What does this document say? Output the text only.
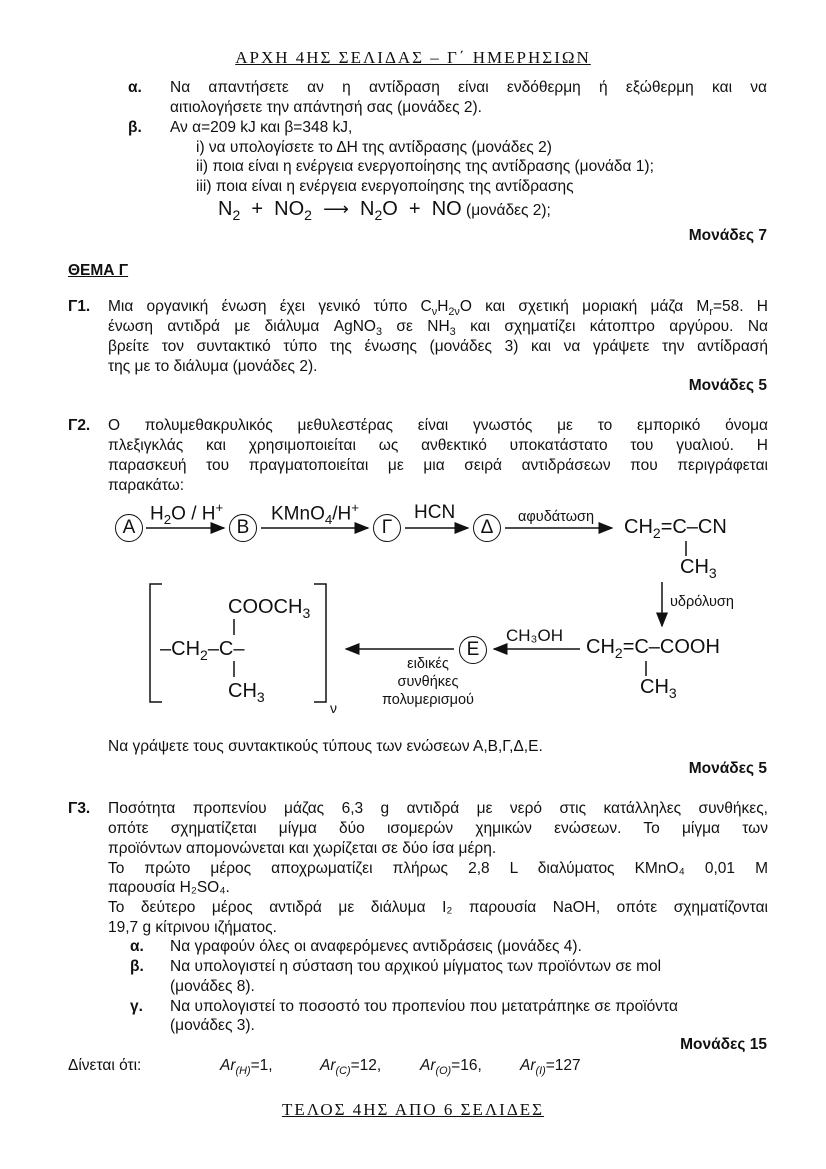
ΑΡΧΗ 4ΗΣ ΣΕΛΙΔΑΣ – Γ΄ ΗΜΕΡΗΣΙΩΝ
α. Να απαντήσετε αν η αντίδραση είναι ενδόθερμη ή εξώθερμη και να
αιτιολογήσετε την απάντησή σας (μονάδες 2).
β. Αν α=209 kJ και β=348 kJ,
i) να υπολογίσετε το ΔΗ της αντίδρασης (μονάδες 2)
ii) ποια είναι η ενέργεια ενεργοποίησης της αντίδρασης (μονάδα 1);
iii) ποια είναι η ενέργεια ενεργοποίησης της αντίδρασης
$N_2 + NO_2$ ⟶  $N_2O$  +  NO (μονάδες 2);
Μονάδες 7
ΘΕΜΑ Γ
Γ1. Μια οργανική ένωση έχει γενικό τύπο $C_\nu H_{2\nu}O$ και σχετική μοριακή μάζα $M_r=58$. Η
ένωση αντιδρά με διάλυμα AgNO$_3$ σε $NH_3$ και σχηματίζει κάτοπτρο αργύρου. Να
βρείτε τον συντακτικό τύπο της ένωσης (μονάδες 3) και να γράψετε την αντίδρασή
της με το διάλυμα (μονάδες 2).
Μονάδες 5
Γ2. Ο πολυμεθακρυλικός μεθυλεστέρας είναι γνωστός με το εμπορικό όνομα
πλεξιγκλάς και χρησιμοποιείται ως ανθεκτικό υποκατάστατο του γυαλιού. Η
παρασκευή του πραγματοποιείται με μια σειρά αντιδράσεων που περιγράφεται
παρακάτω:
Α	Β	Γ	Δ
$H_2O / H^+$	KMnO$_4$/H+	HCN	αφυδάτωση $CH_2=C-CN$
$CH_3$
υδρόλυση
$CH_2=C$–COOH
$CH_3$
CH₃OH
Ε
ειδικές
συνθήκες
πολυμερισμού
$COOCH_3$
$-CH_2-C-$
$CH_3$
ν
Να γράψετε τους συντακτικούς τύπους των ενώσεων Α,Β,Γ,Δ,Ε.
Μονάδες 5
Γ3. Ποσότητα προπενίου μάζας 6,3 g αντιδρά με νερό στις κατάλληλες συνθήκες,
οπότε σχηματίζεται μίγμα δύο ισομερών χημικών ενώσεων. Το μίγμα των
προϊόντων απομονώνεται και χωρίζεται σε δύο ίσα μέρη.
Το πρώτο μέρος αποχρωματίζει πλήρως 2,8 L διαλύματος KMnO₄ 0,01 M
παρουσία H₂SO₄.
Το δεύτερο μέρος αντιδρά με διάλυμα I₂ παρουσία NaOH, οπότε σχηματίζονται
19,7 g κίτρινου ιζήματος.
α. Να γραφούν όλες οι αναφερόμενες αντιδράσεις (μονάδες 4).
β. Να υπολογιστεί η σύσταση του αρχικού μίγματος των προϊόντων σε mol
(μονάδες 8).
γ. Να υπολογιστεί το ποσοστό του προπενίου που μετατράπηκε σε προϊόντα
(μονάδες 3).
Μονάδες 15
Δίνεται ότι:	$Ar_{(H)}=1$,	$Ar_{(C)}=12$,	$Ar_{(O)}=16$, $Ar_{(I)}=127$
ΤΕΛΟΣ 4ΗΣ ΑΠΟ 6 ΣΕΛΙΔΕΣ
